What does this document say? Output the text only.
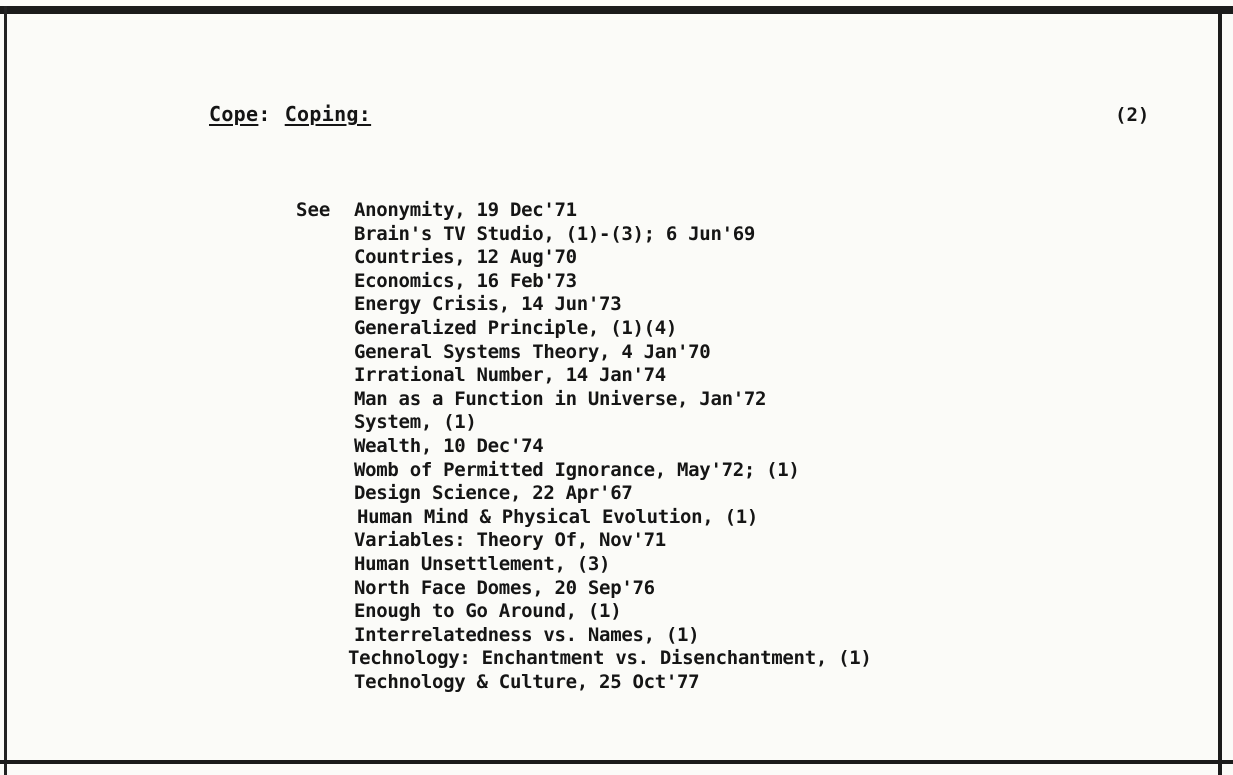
Cope: Coping:	(2)
See Anonymity, 19 Dec'71
Brain's TV Studio, (1)-(3); 6 Jun'69
Countries, 12 Aug'70
Economics, 16 Feb'73
Energy Crisis, 14 Jun'73
Generalized Principle, (1)(4)
General Systems Theory, 4 Jan'70
Irrational Number, 14 Jan'74
Man as a Function in Universe, Jan'72
System, (1)
Wealth, 10 Dec'74
Womb of Permitted Ignorance, May'72; (1)
Design Science, 22 Apr'67
Human Mind & Physical Evolution, (1)
Variables: Theory Of, Nov'71
Human Unsettlement, (3)
North Face Domes, 20 Sep'76
Enough to Go Around, (1)
Interrelatedness vs. Names, (1)
Technology: Enchantment vs. Disenchantment, (1)
Technology & Culture, 25 Oct'77
